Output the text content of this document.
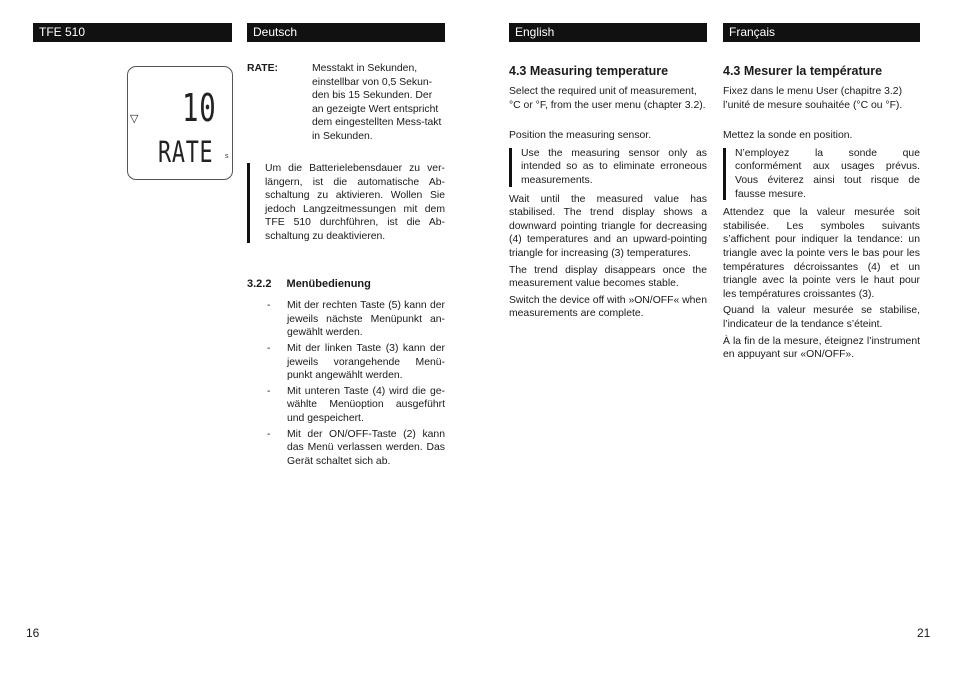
TFE 510	Deutsch	English	Français
▽ 10
RATE s
RATE:	Messtakt in Sekunden, einstellbar von 0,5 Sekun-den bis 15 Sekunden. Der an gezeigte Wert entspricht dem eingestellten Mess-takt in Sekunden.

Um die Batterielebensdauer zu ver-längern, ist die automatische Ab-schaltung zu aktivieren. Wollen Sie jedoch Langzeitmessungen mit dem TFE 510 durchführen, ist die Ab-schaltung zu deaktivieren.

3.2.2 Menübedienung
- Mit der rechten Taste (5) kann der jeweils nächste Menüpunkt an-gewählt werden.

- Mit der linken Taste (3) kann der jeweils vorangehende Menü-punkt angewählt werden.

- Mit unteren Taste (4) wird die ge-wählte Menüoption ausgeführt und gespeichert.

- Mit der ON/OFF-Taste (2) kann das Menü verlassen werden. Das Gerät schaltet sich ab.

4.3 Measuring temperature

Select the required unit of measurement, °C or °F, from the user menu (chapter 3.2).

Position the measuring sensor.

Use the measuring sensor only as intended so as to eliminate erroneous measurements.

Wait until the measured value has stabilised. The trend display shows a downward pointing triangle for decreasing (4) temperatures and an upward-pointing triangle for increasing (3) temperatures.

The trend display disappears once the measurement value becomes stable.

Switch the device off with »ON/OFF« when measurements are complete.

4.3 Mesurer la température

Fixez dans le menu User (chapitre 3.2) l’unité de mesure souhaitée (°C ou °F).

Mettez la sonde en position.

N’employez la sonde que conformément aux usages prévus. Vous éviterez ainsi tout risque de fausse mesure.

Attendez que la valeur mesurée soit stabilisée. Les symboles suivants s’affichent pour indiquer la tendance: un triangle avec la pointe vers le bas pour les températures décroissantes (4) et un triangle avec la pointe vers le haut pour les températures croissantes (3).

Quand la valeur mesurée se stabilise, l’indicateur de la tendance s’éteint.

À la fin de la mesure, éteignez l’instrument en appuyant sur «ON/OFF».

16	21
